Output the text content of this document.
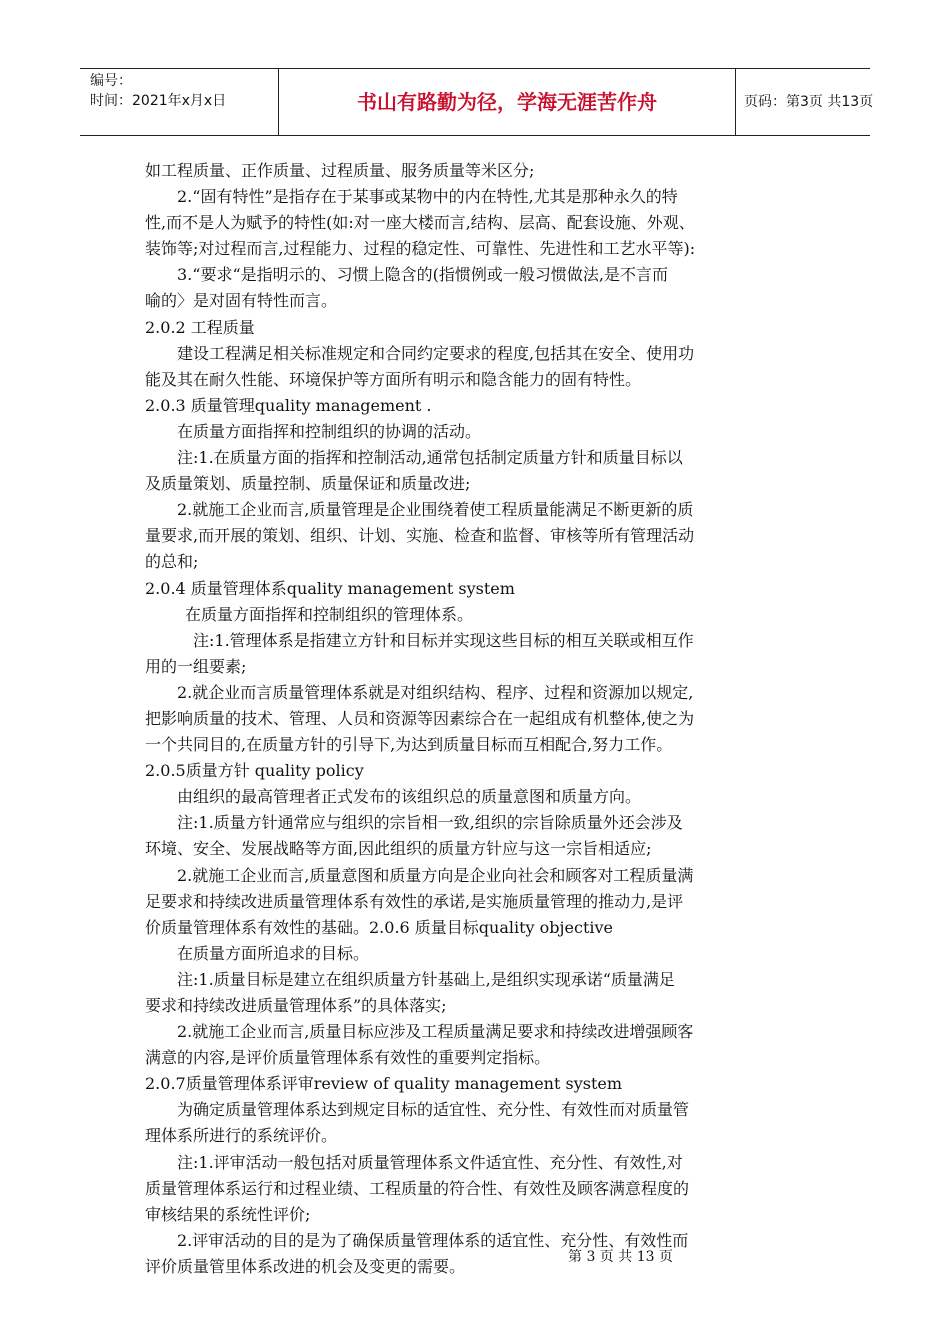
编号：
时间：2021年x月x日	书山有路勤为径，学海无涯苦作舟	页码：第3页 共13页

如工程质量、正作质量、过程质量、服务质量等米区分;

2.“固有特性”是指存在于某事或某物中的内在特性,尤其是那种永久的特

性,而不是人为赋予的特性(如:对一座大楼而言,结构、层高、配套设施、外观、

装饰等;对过程而言,过程能力、过程的稳定性、可靠性、先进性和工艺水平等):

3.“要求“是指明示的、习惯上隐含的(指惯例或一般习惯做法,是不言而

喻的〉是对固有特性而言。

2.0.2 工程质量

建设工程满足相关标准规定和合同约定要求的程度,包括其在安全、使用功

能及其在耐久性能、环境保护等方面所有明示和隐含能力的固有特性。

2.0.3 质量管理quality management .

在质量方面指挥和控制组织的协调的活动。

注:1.在质量方面的指挥和控制活动,通常包括制定质量方针和质量目标以

及质量策划、质量控制、质量保证和质量改进;

2.就施工企业而言,质量管理是企业围绕着使工程质量能满足不断更新的质

量要求,而开展的策划、组织、计划、实施、检查和监督、审核等所有管理活动

的总和;

2.0.4 质量管理体系quality management system

在质量方面指挥和控制组织的管理体系。

注:1.管理体系是指建立方针和目标并实现这些目标的相互关联或相互作

用的一组要素;

2.就企业而言质量管理体系就是对组织结构、程序、过程和资源加以规定,

把影响质量的技术、管理、人员和资源等因素综合在一起组成有机整体,使之为

一个共同目的,在质量方针的引导下,为达到质量目标而互相配合,努力工作。

2.0.5质量方针 quality policy

由组织的最高管理者正式发布的该组织总的质量意图和质量方向。

注:1.质量方针通常应与组织的宗旨相一致,组织的宗旨除质量外还会涉及

环境、安全、发展战略等方面,因此组织的质量方针应与这一宗旨相适应;

2.就施工企业而言,质量意图和质量方向是企业向社会和顾客对工程质量满

足要求和持续改进质量管理体系有效性的承诺,是实施质量管理的推动力,是评

价质量管理体系有效性的基础。2.0.6 质量目标quality objective

在质量方面所追求的目标。

注:1.质量目标是建立在组织质量方针基础上,是组织实现承诺“质量满足

要求和持续改进质量管理体系”的具体落实;

2.就施工企业而言,质量目标应涉及工程质量满足要求和持续改进增强顾客

满意的内容,是评价质量管理体系有效性的重要判定指标。

2.0.7质量管理体系评审review of quality management system

为确定质量管理体系达到规定目标的适宜性、充分性、有效性而对质量管

理体系所进行的系统评价。

注:1.评审活动一般包括对质量管理体系文件适宜性、充分性、有效性,对

质量管理体系运行和过程业绩、工程质量的符合性、有效性及顾客满意程度的

审核结果的系统性评价;

2.评审活动的目的是为了确保质量管理体系的适宜性、充分性、有效性而

评价质量管里体系改进的机会及变更的需要。	第 3 页 共 13 页
